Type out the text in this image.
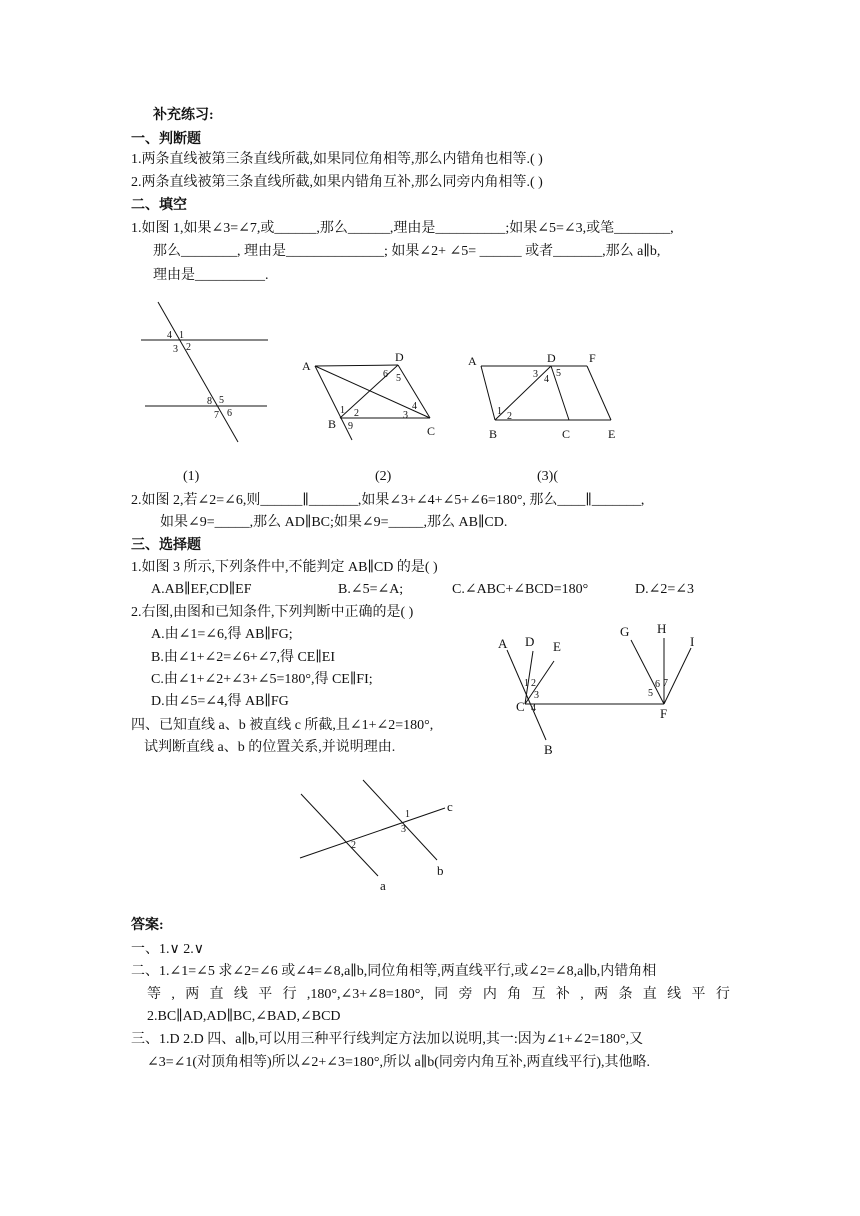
补充练习:
一、判断题
1.两条直线被第三条直线所截,如果同位角相等,那么内错角也相等.( )
2.两条直线被第三条直线所截,如果内错角互补,那么同旁内角相等.( )
二、填空
1.如图 1,如果∠3=∠7,或______,那么______,理由是__________;如果∠5=∠3,或笔________,
那么________, 理由是______________; 如果∠2+ ∠5= ______ 或者_______,那么 a∥b,
理由是__________.
4 1
3 2
8 5
7 6
A
D
6 5
1 2
4
3
9
B	C
A	D	F
3 5
4
1 2
B	C	E
(1)	(2)	(3)(
2.如图 2,若∠2=∠6,则______∥_______,如果∠3+∠4+∠5+∠6=180°, 那么____∥_______,
如果∠9=_____,那么 AD∥BC;如果∠9=_____,那么 AB∥CD.
三、选择题
1.如图 3 所示,下列条件中,不能判定 AB∥CD 的是( )
A.AB∥EF,CD∥EF	B.∠5=∠A;	C.∠ABC+∠BCD=180°	D.∠2=∠3
2.右图,由图和已知条件,下列判断中正确的是( )
A.由∠1=∠6,得 AB∥FG;
B.由∠1+∠2=∠6+∠7,得 CE∥EI
C.由∠1+∠2+∠3+∠5=180°,得 CE∥FI;
D.由∠5=∠4,得 AB∥FG
四、已知直线 a、b 被直线 c 所截,且∠1+∠2=180°,
试判断直线 a、b 的位置关系,并说明理由.
A D E
G H
I
1 2
3
4
C
B
6 7
5
F
c
1
3
2
b
a
答案:
一、1.∨ 2.∨
二、1.∠1=∠5 求∠2=∠6 或∠4=∠8,a∥b,同位角相等,两直线平行,或∠2=∠8,a∥b,内错角相
等 , 两 直 线 平 行 ,180°,∠3+∠8=180°, 同 旁 内 角 互 补 , 两 条 直 线 平 行
2.BC∥AD,AD∥BC,∠BAD,∠BCD
三、1.D 2.D 四、a∥b,可以用三种平行线判定方法加以说明,其一:因为∠1+∠2=180°,又
∠3=∠1(对顶角相等)所以∠2+∠3=180°,所以 a∥b(同旁内角互补,两直线平行),其他略.
